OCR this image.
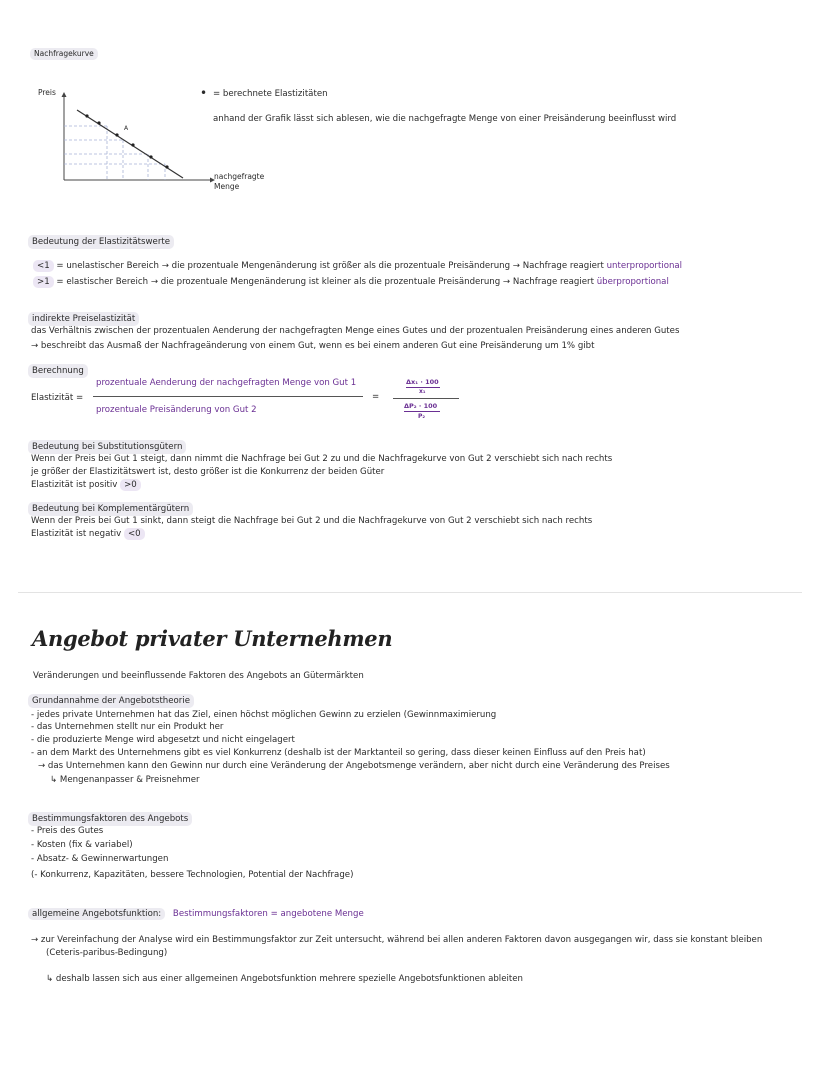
Nachfragekurve
Preis
A
nachgefragte
Menge
• = berechnete Elastizitäten
anhand der Grafik lässt sich ablesen, wie die nachgefragte Menge von einer Preisänderung beeinflusst wird
Bedeutung der Elastizitätswerte
<1 = unelastischer Bereich → die prozentuale Mengenänderung ist größer als die prozentuale Preisänderung → Nachfrage reagiert unterproportional
>1 = elastischer Bereich → die prozentuale Mengenänderung ist kleiner als die prozentuale Preisänderung → Nachfrage reagiert überproportional
indirekte Preiselastizität
das Verhältnis zwischen der prozentualen Aenderung der nachgefragten Menge eines Gutes und der prozentualen Preisänderung eines anderen Gutes
→ beschreibt das Ausmaß der Nachfrageänderung von einem Gut, wenn es bei einem anderen Gut eine Preisänderung um 1% gibt
Berechnung
Elastizität =
prozentuale Aenderung der nachgefragten Menge von Gut 1
prozentuale Preisänderung von Gut 2
=
Δx₁ · 100
x₁
ΔP₂ · 100
P₂
Bedeutung bei Substitutionsgütern
Wenn der Preis bei Gut 1 steigt, dann nimmt die Nachfrage bei Gut 2 zu und die Nachfragekurve von Gut 2 verschiebt sich nach rechts
je größer der Elastizitätswert ist, desto größer ist die Konkurrenz der beiden Güter
Elastizität ist positiv >0
Bedeutung bei Komplementärgütern
Wenn der Preis bei Gut 1 sinkt, dann steigt die Nachfrage bei Gut 2 und die Nachfragekurve von Gut 2 verschiebt sich nach rechts
Elastizität ist negativ <0
Angebot privater Unternehmen
Veränderungen und beeinflussende Faktoren des Angebots an Gütermärkten
Grundannahme der Angebotstheorie
- jedes private Unternehmen hat das Ziel, einen höchst möglichen Gewinn zu erzielen (Gewinnmaximierung
- das Unternehmen stellt nur ein Produkt her
- die produzierte Menge wird abgesetzt und nicht eingelagert
- an dem Markt des Unternehmens gibt es viel Konkurrenz (deshalb ist der Marktanteil so gering, dass dieser keinen Einfluss auf den Preis hat)
→ das Unternehmen kann den Gewinn nur durch eine Veränderung der Angebotsmenge verändern, aber nicht durch eine Veränderung des Preises
↳ Mengenanpasser & Preisnehmer
Bestimmungsfaktoren des Angebots
- Preis des Gutes
- Kosten (fix & variabel)
- Absatz- & Gewinnerwartungen
(- Konkurrenz, Kapazitäten, bessere Technologien, Potential der Nachfrage)
allgemeine Angebotsfunktion: Bestimmungsfaktoren = angebotene Menge
→ zur Vereinfachung der Analyse wird ein Bestimmungsfaktor zur Zeit untersucht, während bei allen anderen Faktoren davon ausgegangen wir, dass sie konstant bleiben
(Ceteris-paribus-Bedingung)
↳ deshalb lassen sich aus einer allgemeinen Angebotsfunktion mehrere spezielle Angebotsfunktionen ableiten
